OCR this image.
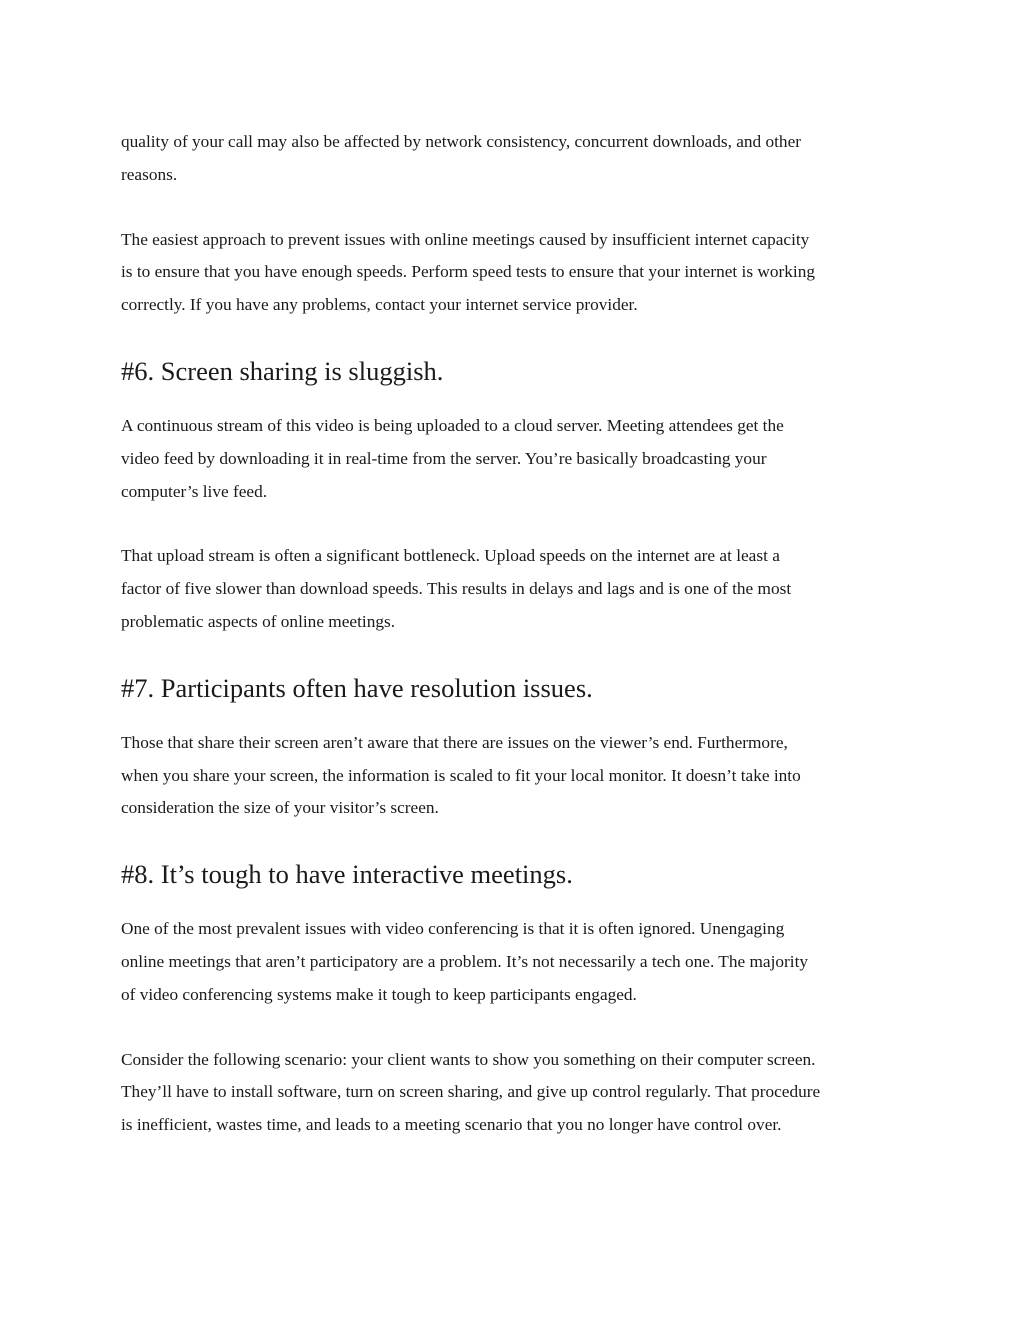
quality of your call may also be affected by network consistency, concurrent downloads, and other
reasons.

The easiest approach to prevent issues with online meetings caused by insufficient internet capacity
is to ensure that you have enough speeds. Perform speed tests to ensure that your internet is working
correctly. If you have any problems, contact your internet service provider.

#6. Screen sharing is sluggish.

A continuous stream of this video is being uploaded to a cloud server. Meeting attendees get the
video feed by downloading it in real-time from the server. You’re basically broadcasting your
computer’s live feed.

That upload stream is often a significant bottleneck. Upload speeds on the internet are at least a
factor of five slower than download speeds. This results in delays and lags and is one of the most
problematic aspects of online meetings.

#7. Participants often have resolution issues.

Those that share their screen aren’t aware that there are issues on the viewer’s end. Furthermore,
when you share your screen, the information is scaled to fit your local monitor. It doesn’t take into
consideration the size of your visitor’s screen.

#8. It’s tough to have interactive meetings.

One of the most prevalent issues with video conferencing is that it is often ignored. Unengaging
online meetings that aren’t participatory are a problem. It’s not necessarily a tech one. The majority
of video conferencing systems make it tough to keep participants engaged.

Consider the following scenario: your client wants to show you something on their computer screen.
They’ll have to install software, turn on screen sharing, and give up control regularly. That procedure
is inefficient, wastes time, and leads to a meeting scenario that you no longer have control over.
